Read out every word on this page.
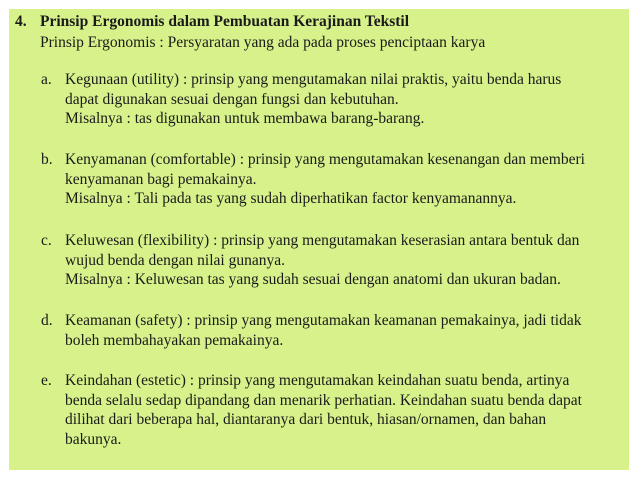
4. Prinsip Ergonomis dalam Pembuatan Kerajinan Tekstil
Prinsip Ergonomis : Persyaratan yang ada pada proses penciptaan karya
a. Kegunaan (utility) : prinsip yang mengutamakan nilai praktis, yaitu benda harus
dapat digunakan sesuai dengan fungsi dan kebutuhan.
Misalnya : tas digunakan untuk membawa barang-barang.
b. Kenyamanan (comfortable) : prinsip yang mengutamakan kesenangan dan memberi
kenyamanan bagi pemakainya.
Misalnya : Tali pada tas yang sudah diperhatikan factor kenyamanannya.
c. Keluwesan (flexibility) : prinsip yang mengutamakan keserasian antara bentuk dan
wujud benda dengan nilai gunanya.
Misalnya : Keluwesan tas yang sudah sesuai dengan anatomi dan ukuran badan.
d. Keamanan (safety) : prinsip yang mengutamakan keamanan pemakainya, jadi tidak
boleh membahayakan pemakainya.
e. Keindahan (estetic) : prinsip yang mengutamakan keindahan suatu benda, artinya
benda selalu sedap dipandang dan menarik perhatian. Keindahan suatu benda dapat
dilihat dari beberapa hal, diantaranya dari bentuk, hiasan/ornamen, dan bahan
bakunya.
